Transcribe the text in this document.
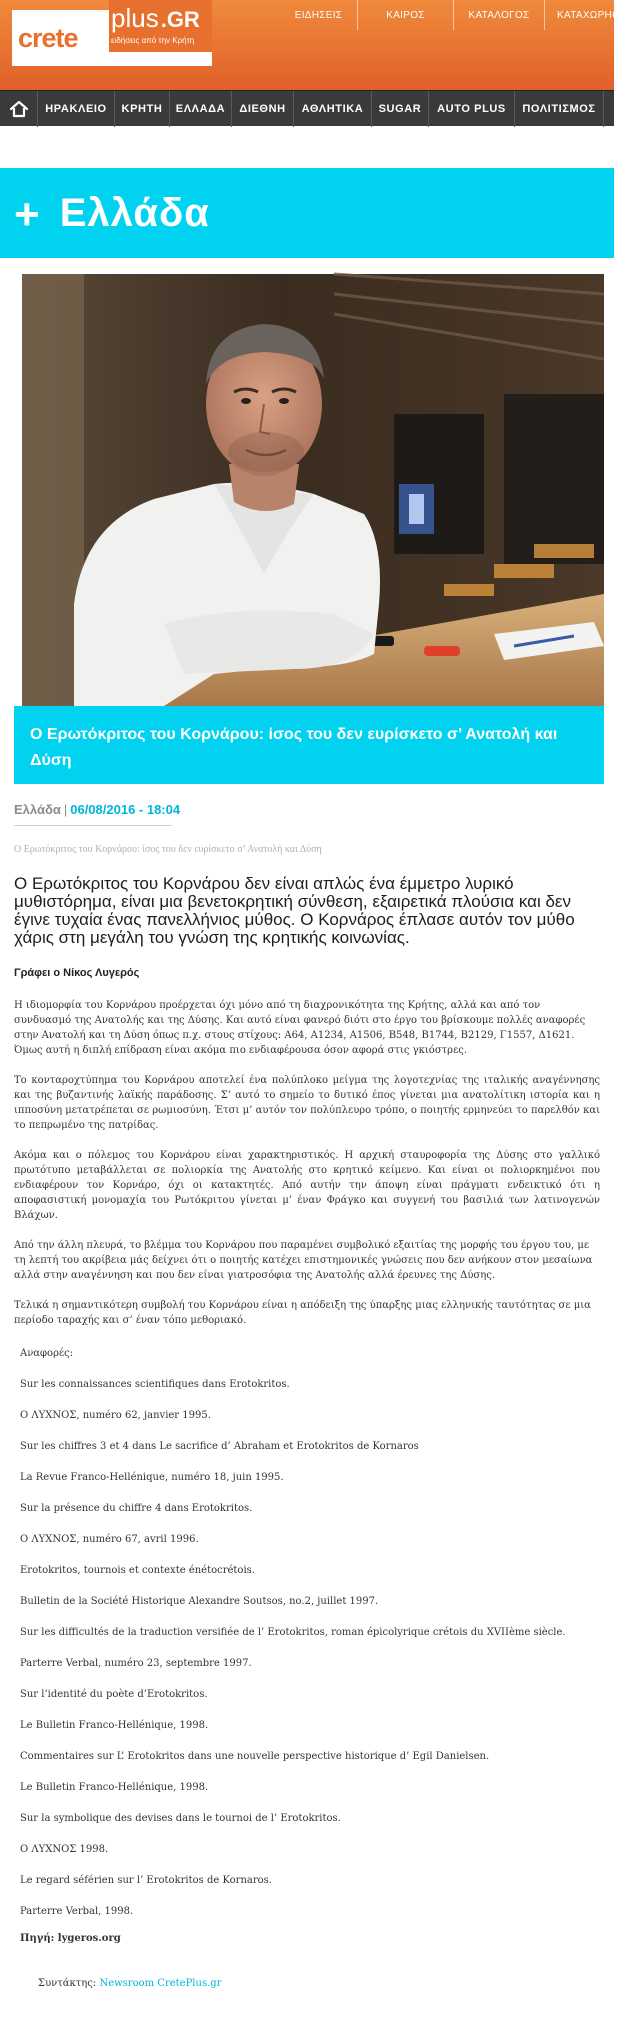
crete
plus .GR
ειδήσεις από την Κρήτη
ΕΙΔΗΣΕΙΣ	ΚΑΙΡΟΣ	ΚΑΤΑΛΟΓΟΣ	ΚΑΤΑΧΩΡΗΘΕΙΤΕ
ΗΡΑΚΛΕΙΟ	ΚΡΗΤΗ	ΕΛΛΑΔΑ	ΔΙΕΘΝΗ	ΑΘΛΗΤΙΚΑ	SUGAR	AUTO PLUS	ΠΟΛΙΤΙΣΜΟΣ
+ Ελλάδα
Ο Ερωτόκριτος του Κορνάρου: ίσος του δεν ευρίσκετο σ’ Ανατολή και Δύση
Ελλάδα | 06/08/2016 - 18:04
Ο Ερωτόκριτος του Κορνάρου: ίσος του δεν ευρίσκετο σ’ Ανατολή και Δύση

Ο Ερωτόκριτος του Κορνάρου δεν είναι απλώς ένα έμμετρο λυρικό μυθιστόρημα, είναι μια βενετοκρητική σύνθεση, εξαιρετικά πλούσια και δεν έγινε τυχαία ένας πανελλήνιος μύθος. Ο Κορνάρος έπλασε αυτόν τον μύθο χάρις στη μεγάλη του γνώση της κρητικής κοινωνίας.

Γράφει ο Νίκος Λυγερός

Η ιδιομορφία του Κορνάρου προέρχεται όχι μόνο από τη διαχρονικότητα της Κρήτης, αλλά και από τον συνδυασμό της Ανατολής και της Δύσης. Και αυτό είναι φανερό διότι στο έργο του βρίσκουμε πολλές αναφορές στην Ανατολή και τη Δύση όπως π.χ. στους στίχους: A64, A1234, A1506, B548, B1744, B2129, Γ1557, Δ1621. Όμως αυτή η διπλή επίδραση είναι ακόμα πιο ενδιαφέρουσα όσον αφορά στις γκιόστρες.

Το κονταροχτύπημα του Κορνάρου αποτελεί ένα πολύπλοκο μείγμα της λογοτεχνίας της ιταλικής αναγέννησης και της βυζαντινής λαϊκής παράδοσης. Σ’ αυτό το σημείο το δυτικό έπος γίνεται μια ανατολίτικη ιστορία και η ιπποσύνη μετατρέπεται σε ρωμιοσύνη. Έτσι μ’ αυτόν τον πολύπλευρο τρόπο, ο ποιητής ερμηνεύει το παρελθόν και το πεπρωμένο της πατρίδας.

Ακόμα και ο πόλεμος του Κορνάρου είναι χαρακτηριστικός. Η αρχική σταυροφορία της Δύσης στο γαλλικό πρωτότυπο μεταβάλλεται σε πολιορκία της Ανατολής στο κρητικό κείμενο. Και είναι οι πολιορκημένοι που ενδιαφέρουν τον Κορνάρο, όχι οι κατακτητές. Από αυτήν την άποψη είναι πράγματι ενδεικτικό ότι η αποφασιστική μονομαχία του Ρωτόκριτου γίνεται μ’ έναν Φράγκο και συγγενή του βασιλιά των λατινογενών Βλάχων.

Από την άλλη πλευρά, το βλέμμα του Κορνάρου που παραμένει συμβολικό εξαιτίας της μορφής του έργου του, με τη λεπτή του ακρίβεια μάς δείχνει ότι ο ποιητής κατέχει επιστημονικές γνώσεις που δεν ανήκουν στον μεσαίωνα αλλά στην αναγέννηση και που δεν είναι γιατροσόφια της Ανατολής αλλά έρευνες της Δύσης.

Τελικά η σημαντικότερη συμβολή του Κορνάρου είναι η απόδειξη της ύπαρξης μιας ελληνικής ταυτότητας σε μια περίοδο ταραχής και σ’ έναν τόπο μεθοριακό.

Αναφορές:
Sur les connaissances scientifiques dans Erotokritos.
O ΛΥΧΝΟΣ, numéro 62, janvier 1995.
Sur les chiffres 3 et 4 dans Le sacrifice d’ Abraham et Erotokritos de Kornaros
La Revue Franco-Hellénique, numéro 18, juin 1995.
Sur la présence du chiffre 4 dans Erotokritos.
O ΛΥΧΝΟΣ, numéro 67, avril 1996.
Erotokritos, tournois et contexte énétocrétois.
Bulletin de la Société Historique Alexandre Soutsos, no.2, juillet 1997.
Sur les difficultés de la traduction versifiée de l’ Erotokritos, roman épicolyrique crétois du XVIIème siècle.
Parterre Verbal, numéro 23, septembre 1997.
Sur l’identité du poète d’Erotokritos.
Le Bulletin Franco-Hellénique, 1998.
Commentaires sur L’ Erotokritos dans une nouvelle perspective historique d’ Egil Danielsen.
Le Bulletin Franco-Hellénique, 1998.
Sur la symbolique des devises dans le tournoi de l’ Erotokritos.
O ΛΥΧΝΟΣ 1998.
Le regard séférien sur l’ Erotokritos de Kornaros.
Parterre Verbal, 1998.
Πηγή: lygeros.org
Συντάκτης: Newsroom CretePlus.gr
